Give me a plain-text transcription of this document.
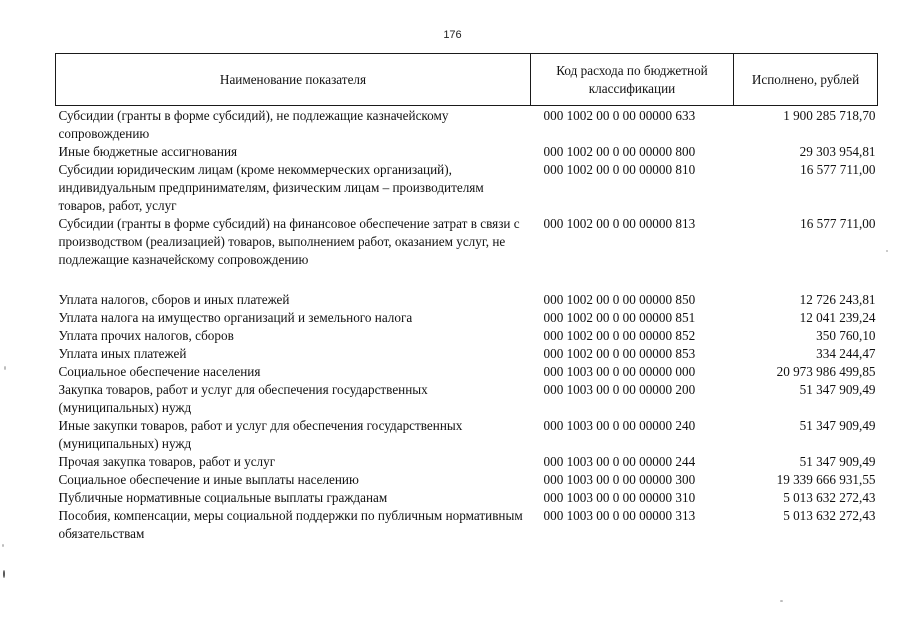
176
Наименование показателя	Код расхода по бюджетной классификации	Исполнено, рублей
Субсидии (гранты в форме субсидий), не подлежащие казначейскому сопровождению	000 1002 00 0 00 00000 633	1 900 285 718,70
Иные бюджетные ассигнования	000 1002 00 0 00 00000 800	29 303 954,81
Субсидии юридическим лицам (кроме некоммерческих организаций), индивидуальным предпринимателям, физическим лицам – производителям товаров, работ, услуг	000 1002 00 0 00 00000 810	16 577 711,00
Субсидии (гранты в форме субсидий) на финансовое обеспечение затрат в связи с производством (реализацией) товаров, выполнением работ, оказанием услуг, не подлежащие казначейскому сопровождению	000 1002 00 0 00 00000 813	16 577 711,00
Уплата налогов, сборов и иных платежей	000 1002 00 0 00 00000 850	12 726 243,81
Уплата налога на имущество организаций и земельного налога	000 1002 00 0 00 00000 851	12 041 239,24
Уплата прочих налогов, сборов	000 1002 00 0 00 00000 852	350 760,10
Уплата иных платежей	000 1002 00 0 00 00000 853	334 244,47
Социальное обеспечение населения	000 1003 00 0 00 00000 000	20 973 986 499,85
Закупка товаров, работ и услуг для обеспечения государственных (муниципальных) нужд	000 1003 00 0 00 00000 200	51 347 909,49
Иные закупки товаров, работ и услуг для обеспечения государственных (муниципальных) нужд	000 1003 00 0 00 00000 240	51 347 909,49
Прочая закупка товаров, работ и услуг	000 1003 00 0 00 00000 244	51 347 909,49
Социальное обеспечение и иные выплаты населению	000 1003 00 0 00 00000 300	19 339 666 931,55
Публичные нормативные социальные выплаты гражданам	000 1003 00 0 00 00000 310	5 013 632 272,43
Пособия, компенсации, меры социальной поддержки по публичным нормативным обязательствам	000 1003 00 0 00 00000 313	5 013 632 272,43
